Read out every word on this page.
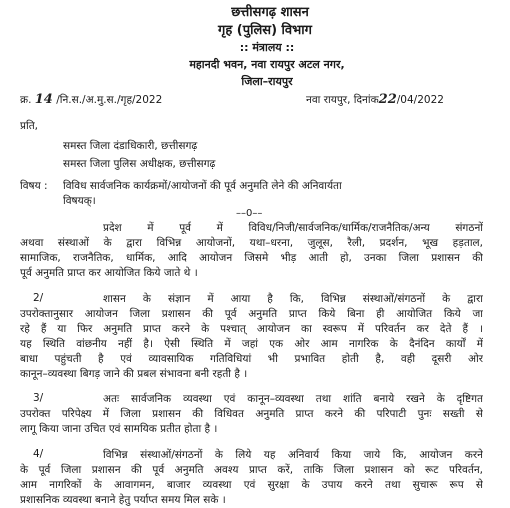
छत्तीसगढ़ शासन
गृह (पुलिस) विभाग
:: मंत्रालय ::
महानदी भवन, नवा रायपुर अटल नगर,
जिला–रायपुर
क्र. 14 /नि.स./अ.मु.स./गृह/2022	नवा रायपुर, दिनांक22/04/2022
प्रति,
समस्त जिला दंडाधिकारी, छत्तीसगढ़
समस्त जिला पुलिस अधीक्षक, छत्तीसगढ़
विषय : विविध सार्वजनिक कार्यक्रमों/आयोजनों की पूर्व अनुमति लेने की अनिवार्यता
विषयक्।
––0––
प्रदेश में पूर्व में विविध/निजी/सार्वजनिक/धार्मिक/राजनैतिक/अन्य संगठनों
अथवा संस्थाओं के द्वारा विभिन्न आयोजनों, यथा–धरना, जुलूस, रैली, प्रदर्शन, भूख हड़ताल,
सामाजिक, राजनैतिक, धार्मिक, आदि आयोजन जिसमे भीड़ आती हो, उनका जिला प्रशासन की
पूर्व अनुमति प्राप्त कर आयोजित किये जाते थे ।
2/	शासन के संज्ञान में आया है कि, विभिन्न संस्थाओं/संगठनों के द्वारा
उपरोक्तानुसार आयोजन जिला प्रशासन की पूर्व अनुमति प्राप्त किये बिना ही आयोजित किये जा
रहे हैं या फिर अनुमति प्राप्त करने के पश्चात् आयोजन का स्वरूप में परिवर्तन कर देते हैं ।
यह स्थिति वांछनीय नहीं है। ऐसी स्थिति में जहां एक ओर आम नागरिक के दैनंदिन कार्यों में
बाधा पहुंचती है एवं व्यावसायिक गतिविधियां भी प्रभावित होती है, वही दूसरी ओर
कानून–व्यवस्था बिगड़ जाने की प्रबल संभावना बनी रहती है ।
3/	अतः सार्वजनिक व्यवस्था एवं कानून–व्यवस्था तथा शांति बनाये रखने के दृष्टिगत
उपरोक्त परिपेक्ष्य में जिला प्रशासन की विधिवत अनुमति प्राप्त करने की परिपाटी पुनः सख्ती से
लागू किया जाना उचित एवं सामयिक प्रतीत होता है ।
4/	विभिन्न संस्थाओं/संगठनों के लिये यह अनिवार्य किया जाये कि, आयोजन करने
के पूर्व जिला प्रशासन की पूर्व अनुमति अवश्य प्राप्त करें, ताकि जिला प्रशासन को रूट परिवर्तन,
आम नागरिकों के आवागमन, बाजार व्यवस्था एवं सुरक्षा के उपाय करने तथा सुचारू रूप से
प्रशासनिक व्यवस्था बनाने हेतु पर्याप्त समय मिल सके ।
